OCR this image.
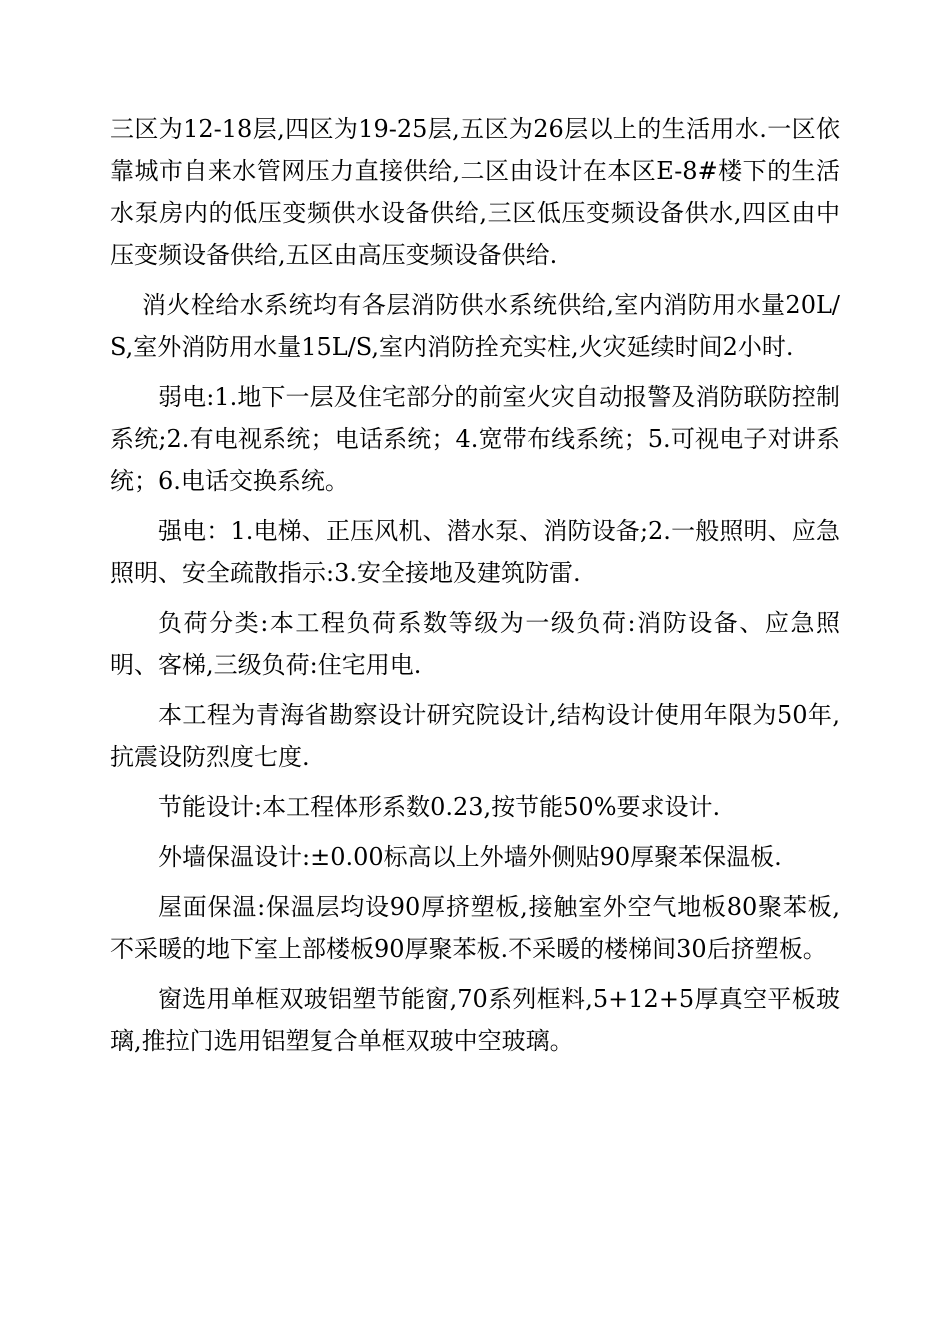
三区为12-18层,四区为19-25层,五区为26层以上的生活用水.一区依靠城市自来水管网压力直接供给,二区由设计在本区E-8#楼下的生活水泵房内的低压变频供水设备供给,三区低压变频设备供水,四区由中压变频设备供给,五区由高压变频设备供给.

消火栓给水系统均有各层消防供水系统供给,室内消防用水量20L/S,室外消防用水量15L/S,室内消防拴充实柱,火灾延续时间2小时.

弱电:1.地下一层及住宅部分的前室火灾自动报警及消防联防控制系统;2.有电视系统；电话系统；4.宽带布线系统；5.可视电子对讲系统；6.电话交换系统。

强电：1.电梯、正压风机、潜水泵、消防设备;2.一般照明、应急照明、安全疏散指示:3.安全接地及建筑防雷.

负荷分类:本工程负荷系数等级为一级负荷:消防设备、应急照明、客梯,三级负荷:住宅用电.

本工程为青海省勘察设计研究院设计,结构设计使用年限为50年,抗震设防烈度七度.

节能设计:本工程体形系数0.23,按节能50%要求设计.

外墙保温设计:±0.00标高以上外墙外侧贴90厚聚苯保温板.

屋面保温:保温层均设90厚挤塑板,接触室外空气地板80聚苯板,不采暖的地下室上部楼板90厚聚苯板.不采暖的楼梯间30后挤塑板。

窗选用单框双玻铝塑节能窗,70系列框料,5+12+5厚真空平板玻璃,推拉门选用铝塑复合单框双玻中空玻璃。
